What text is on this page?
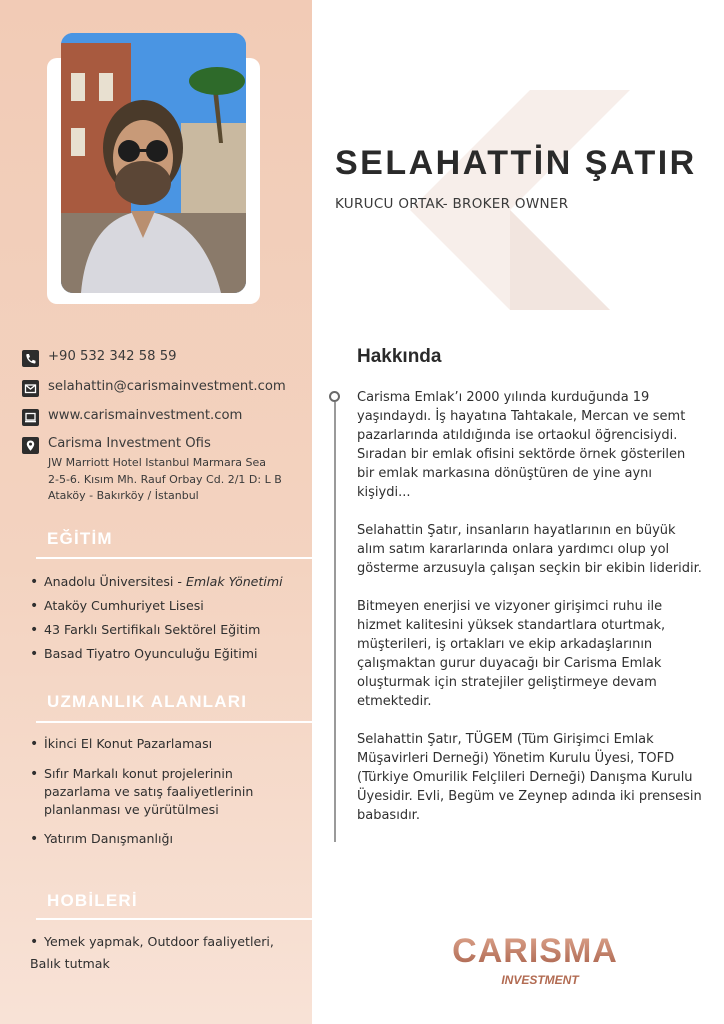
+90 532 342 58 59
selahattin@carismainvestment.com
www.carismainvestment.com
Carisma Investment Ofis
JW Marriott Hotel Istanbul Marmara Sea
2-5-6. Kısım Mh. Rauf Orbay Cd. 2/1 D: L B
Ataköy - Bakırköy / İstanbul
EĞİTİM
• Anadolu Üniversitesi - Emlak Yönetimi
• Ataköy Cumhuriyet Lisesi
• 43 Farklı Sertifikalı Sektörel Eğitim
• Basad Tiyatro Oyunculuğu Eğitimi
UZMANLIK ALANLARI
• İkinci El Konut Pazarlaması
• Sıfır Markalı konut projelerinin
pazarlama ve satış faaliyetlerinin
planlanması ve yürütülmesi
• Yatırım Danışmanlığı
HOBİLERİ
• Yemek yapmak, Outdoor faaliyetleri,
Balık tutmak
SELAHATTİN ŞATIR
KURUCU ORTAK- BROKER OWNER
Hakkında

Carisma Emlak’ı 2000 yılında kurduğunda 19 yaşındaydı. İş hayatına Tahtakale, Mercan ve semt pazarlarında atıldığında ise ortaokul öğrencisiydi. Sıradan bir emlak ofisini sektörde örnek gösterilen bir emlak markasına dönüştüren de yine aynı kişiydi...

Selahattin Şatır, insanların hayatlarının en büyük alım satım kararlarında onlara yardımcı olup yol gösterme arzusuyla çalışan seçkin bir ekibin lideridir.

Bitmeyen enerjisi ve vizyoner girişimci ruhu ile hizmet kalitesini yüksek standartlara oturtmak, müşterileri, iş ortakları ve ekip arkadaşlarının çalışmaktan gurur duyacağı bir Carisma Emlak oluşturmak için stratejiler geliştirmeye devam etmektedir.

Selahattin Şatır, TÜGEM (Tüm Girişimci Emlak Müşavirleri Derneği) Yönetim Kurulu Üyesi, TOFD (Türkiye Omurilik Felçlileri Derneği) Danışma Kurulu Üyesidir. Evli, Begüm ve Zeynep adında iki prensesin babasıdır.

CARISMA
INVESTMENT
